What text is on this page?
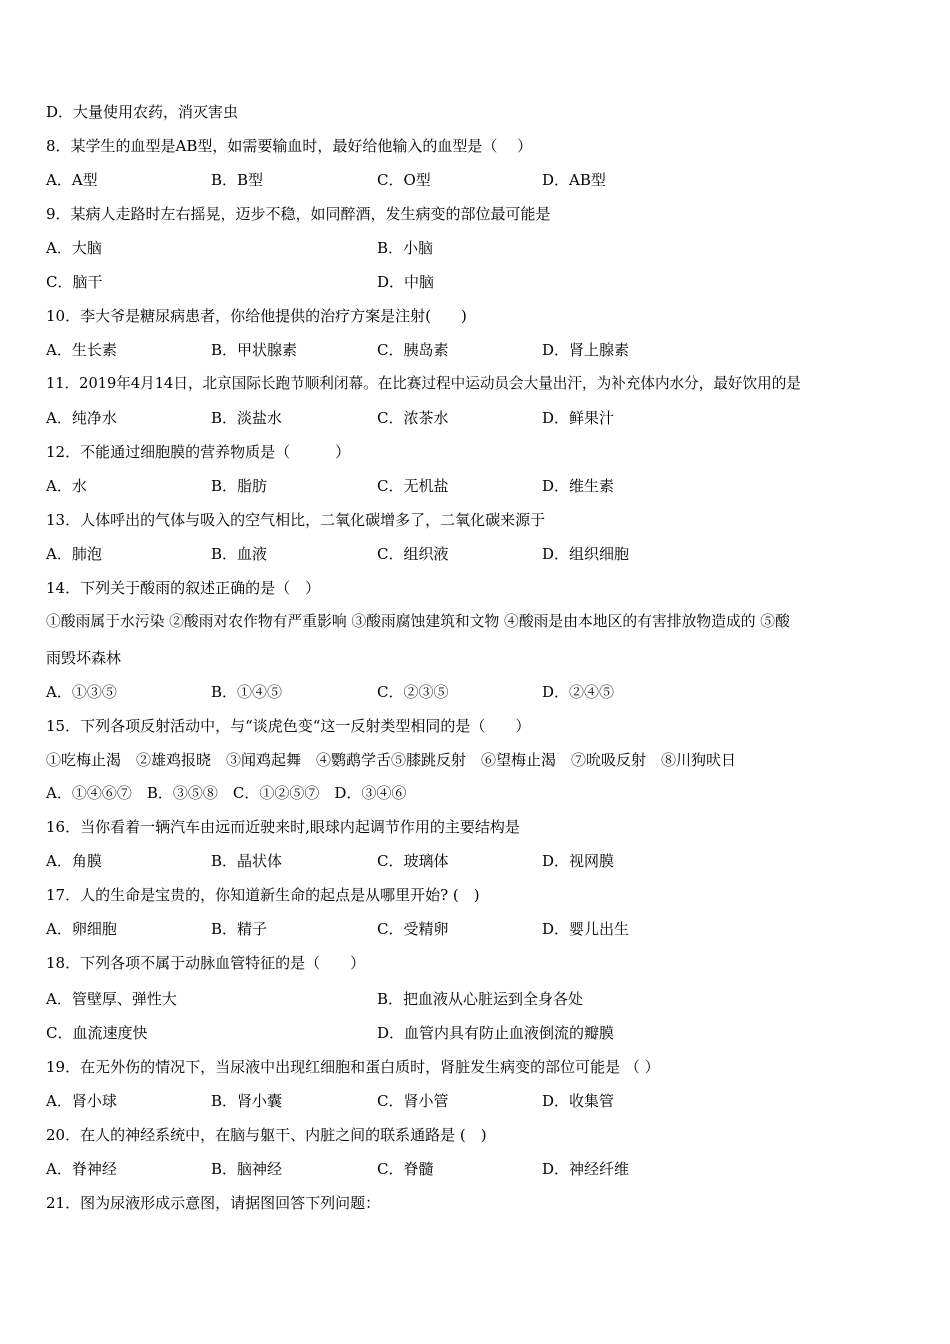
D．大量使用农药，消灭害虫
8．某学生的血型是AB型，如需要输血时，最好给他输入的血型是（　 ）
A．A型	B．B型	C．O型	D．AB型
9．某病人走路时左右摇晃，迈步不稳，如同醉酒，发生病变的部位最可能是
A．大脑	B．小脑
C．脑干	D．中脑
10．李大爷是糖尿病患者，你给他提供的治疗方案是注射(　　)
A．生长素	B．甲状腺素	C．胰岛素	D．肾上腺素
11．2019年4月14日，北京国际长跑节顺利闭幕。在比赛过程中运动员会大量出汗，为补充体内水分，最好饮用的是
A．纯净水	B．淡盐水	C．浓茶水	D．鲜果汁
12．不能通过细胞膜的营养物质是（　　　）
A．水	B．脂肪	C．无机盐	D．维生素
13．人体呼出的气体与吸入的空气相比，二氧化碳增多了，二氧化碳来源于
A．肺泡	B．血液	C．组织液	D．组织细胞
14．下列关于酸雨的叙述正确的是（　）
①酸雨属于水污染 ②酸雨对农作物有严重影响 ③酸雨腐蚀建筑和文物 ④酸雨是由本地区的有害排放物造成的 ⑤酸
雨毁坏森林
A．①③⑤	B．①④⑤	C．②③⑤	D．②④⑤
15．下列各项反射活动中，与“谈虎色变“这一反射类型相同的是（　　）
①吃梅止渴　②雄鸡报晓　③闻鸡起舞　④鹦鹉学舌⑤膝跳反射　⑥望梅止渴　⑦吮吸反射　⑧川狗吠日
A．①④⑥⑦　B．③⑤⑧　C．①②⑤⑦　D．③④⑥
16．当你看着一辆汽车由远而近驶来时,眼球内起调节作用的主要结构是
A．角膜	B．晶状体	C．玻璃体	D．视网膜
17．人的生命是宝贵的，你知道新生命的起点是从哪里开始? (　)
A．卵细胞	B．精子	C．受精卵	D．婴儿出生
18．下列各项不属于动脉血管特征的是（　　）
A．管壁厚、弹性大	B．把血液从心脏运到全身各处
C．血流速度快	D．血管内具有防止血液倒流的瓣膜
19．在无外伤的情况下，当尿液中出现红细胞和蛋白质时，肾脏发生病变的部位可能是 （ ）
A．肾小球	B．肾小囊	C．肾小管	D．收集管
20．在人的神经系统中，在脑与躯干、内脏之间的联系通路是 (　)
A．脊神经	B．脑神经	C．脊髓	D．神经纤维
21．图为尿液形成示意图，请据图回答下列问题：
